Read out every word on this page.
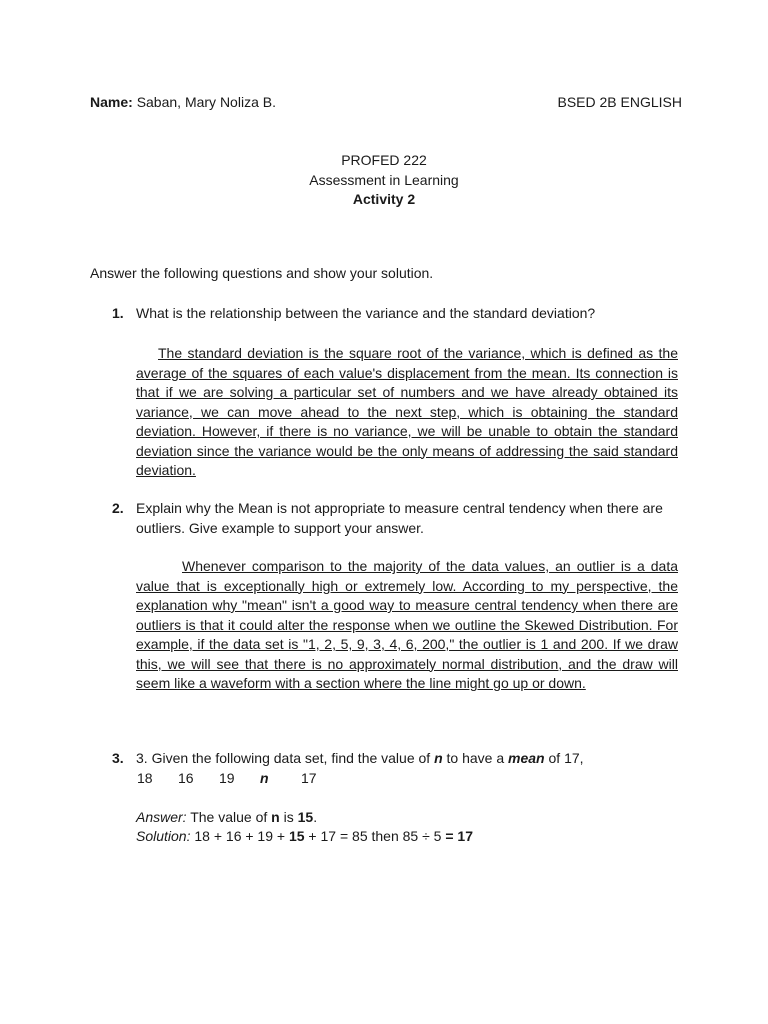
Name: Saban, Mary Noliza B.	BSED 2B ENGLISH
PROFED 222
Assessment in Learning
Activity 2
Answer the following questions and show your solution.
1. What is the relationship between the variance and the standard deviation?
The standard deviation is the square root of the variance, which is defined as the average of the squares of each value's displacement from the mean. Its connection is that if we are solving a particular set of numbers and we have already obtained its variance, we can move ahead to the next step, which is obtaining the standard deviation. However, if there is no variance, we will be unable to obtain the standard deviation since the variance would be the only means of addressing the said standard deviation.
2. Explain why the Mean is not appropriate to measure central tendency when there are outliers. Give example to support your answer.
Whenever comparison to the majority of the data values, an outlier is a data value that is exceptionally high or extremely low. According to my perspective, the explanation why "mean" isn't a good way to measure central tendency when there are outliers is that it could alter the response when we outline the Skewed Distribution. For example, if the data set is "1, 2, 5, 9, 3, 4, 6, 200," the outlier is 1 and 200. If we draw this, we will see that there is no approximately normal distribution, and the draw will seem like a waveform with a section where the line might go up or down.
3. 3. Given the following data set, find the value of n to have a mean of 17,
18 16 19 n 17
Answer: The value of n is 15.
Solution: 18 + 16 + 19 + 15 + 17 = 85 then 85 ÷ 5 = 17
